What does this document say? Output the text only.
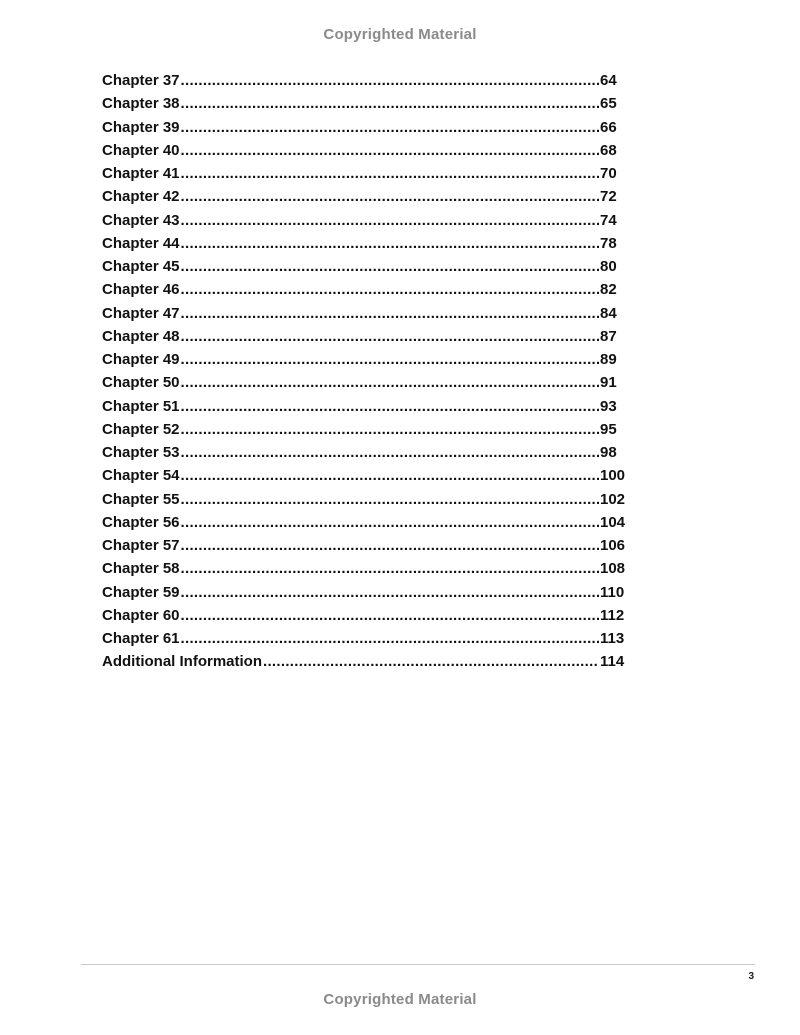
Copyrighted Material
Chapter 37 .....	64
Chapter 38 .....	65
Chapter 39 .....	66
Chapter 40 .....	68
Chapter 41 .....	70
Chapter 42 .....	72
Chapter 43 .....	74
Chapter 44 .....	78
Chapter 45 .....	80
Chapter 46 .....	82
Chapter 47 .....	84
Chapter 48 .....	87
Chapter 49 .....	89
Chapter 50 .....	91
Chapter 51 .....	93
Chapter 52 .....	95
Chapter 53 .....	98
Chapter 54 .....	100
Chapter 55 .....	102
Chapter 56 .....	104
Chapter 57 .....	106
Chapter 58 .....	108
Chapter 59 .....	110
Chapter 60 .....	112
Chapter 61 .....	113
Additional Information .....	114
3
Copyrighted Material
